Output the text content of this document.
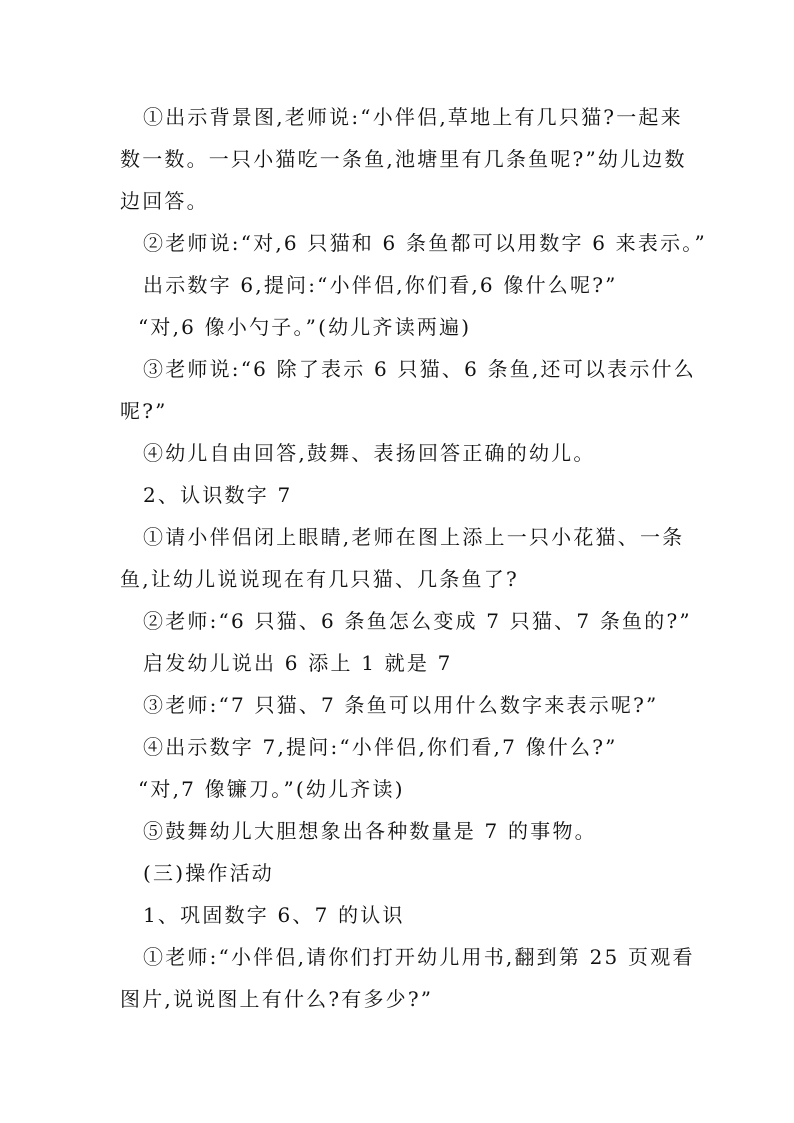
①出示背景图,老师说:“小伴侣,草地上有几只猫?一起来
数一数。一只小猫吃一条鱼,池塘里有几条鱼呢?”幼儿边数
边回答。
②老师说:“对,6 只猫和 6 条鱼都可以用数字 6 来表示。”
出示数字 6,提问:“小伴侣,你们看,6 像什么呢?”
“对,6 像小勺子。”(幼儿齐读两遍)
③老师说:“6 除了表示 6 只猫、6 条鱼,还可以表示什么
呢?”
④幼儿自由回答,鼓舞、表扬回答正确的幼儿。
2、认识数字 7
①请小伴侣闭上眼睛,老师在图上添上一只小花猫、一条
鱼,让幼儿说说现在有几只猫、几条鱼了?
②老师:“6 只猫、6 条鱼怎么变成 7 只猫、7 条鱼的?”
启发幼儿说出 6 添上 1 就是 7
③老师:“7 只猫、7 条鱼可以用什么数字来表示呢?”
④出示数字 7,提问:“小伴侣,你们看,7 像什么?”
“对,7 像镰刀。”(幼儿齐读)
⑤鼓舞幼儿大胆想象出各种数量是 7 的事物。
(三)操作活动
1、巩固数字 6、7 的认识
①老师:“小伴侣,请你们打开幼儿用书,翻到第 25 页观看
图片,说说图上有什么?有多少?”
